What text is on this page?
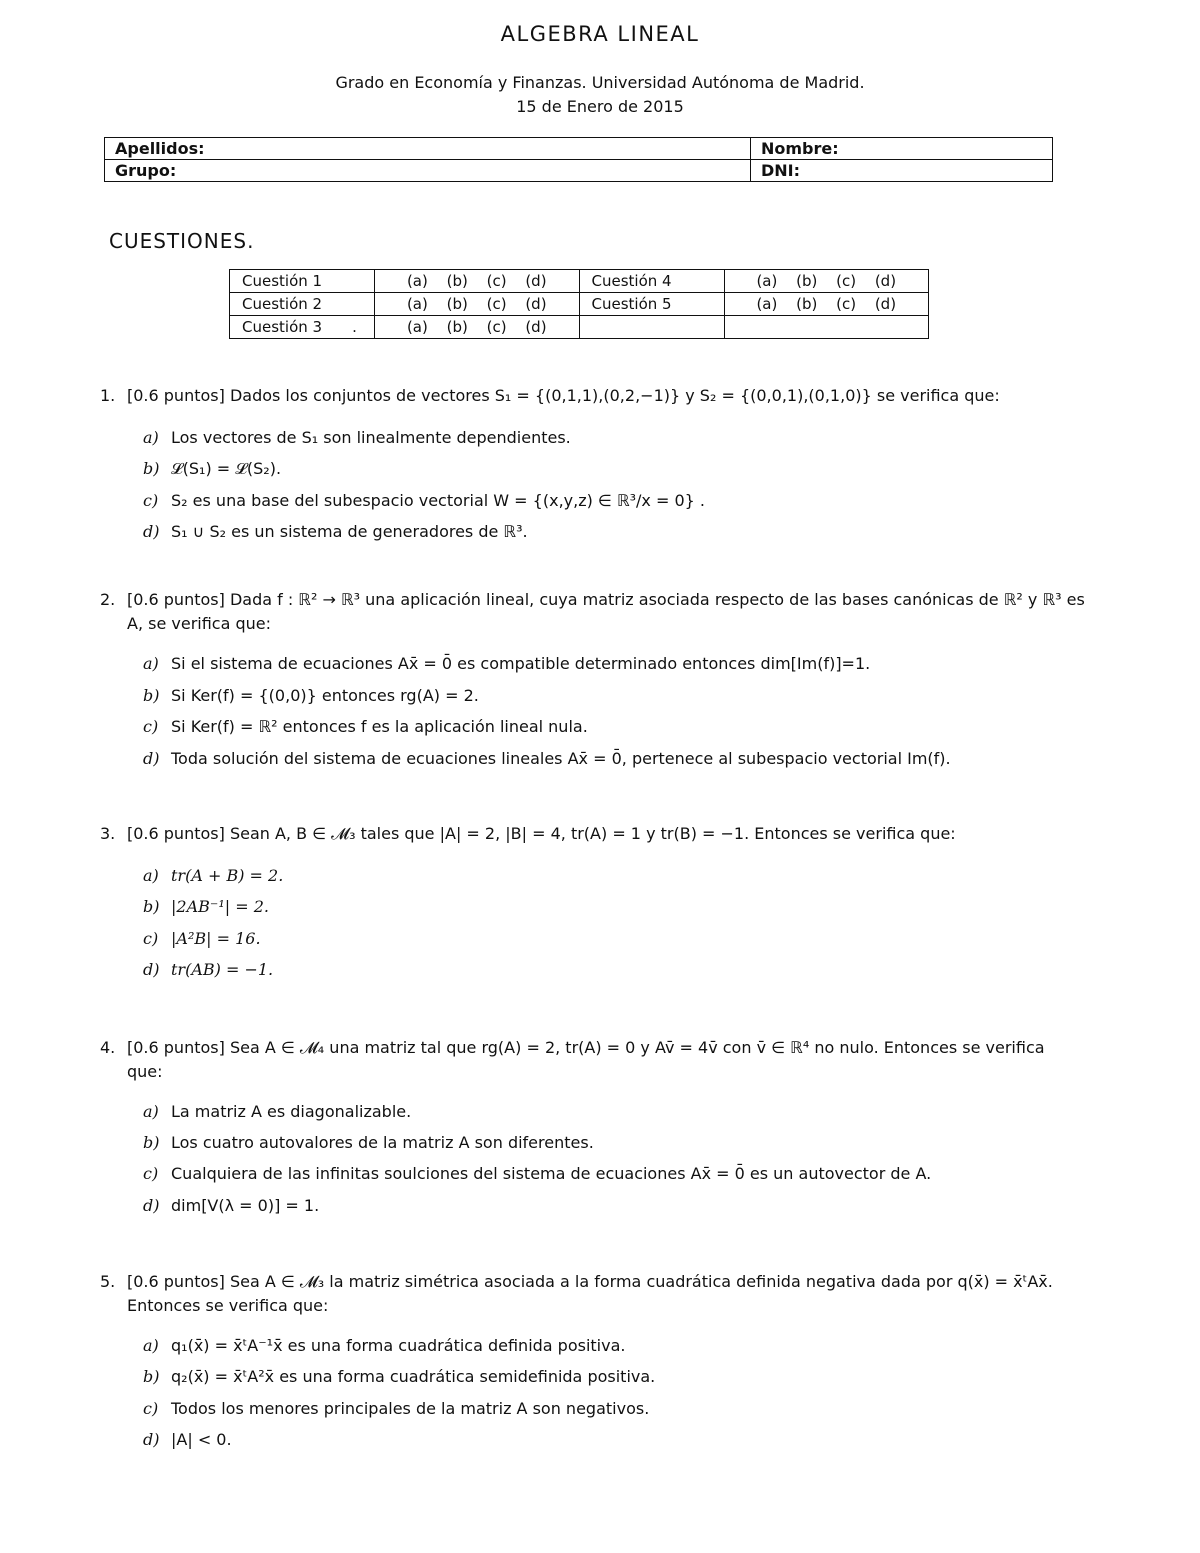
ALGEBRA LINEAL
Grado en Economía y Finanzas. Universidad Autónoma de Madrid.
15 de Enero de 2015
Apellidos:	Nombre:
Grupo:	DNI:
CUESTIONES.
Cuestión 1	(a) (b) (c) (d)	Cuestión 4	(a) (b) (c) (d)
Cuestión 2	(a) (b) (c) (d)	Cuestión 5	(a) (b) (c) (d)
Cuestión 3 .	(a) (b) (c) (d)		
1. [0.6 puntos] Dados los conjuntos de vectores S₁ = {(0,1,1),(0,2,−1)} y S₂ = {(0,0,1),(0,1,0)} se verifica que:
a) Los vectores de S₁ son linealmente dependientes.
b) 𝓛(S₁) = 𝓛(S₂).
c) S₂ es una base del subespacio vectorial W = {(x,y,z) ∈ ℝ³/x = 0} .
d) S₁ ∪ S₂ es un sistema de generadores de ℝ³.
2. [0.6 puntos] Dada f : ℝ² → ℝ³ una aplicación lineal, cuya matriz asociada respecto de las bases canónicas de ℝ² y ℝ³ es A, se verifica que:
a) Si el sistema de ecuaciones Ax̄ = 0̄ es compatible determinado entonces dim[Im(f)]=1.
b) Si Ker(f) = {(0,0)} entonces rg(A) = 2.
c) Si Ker(f) = ℝ² entonces f es la aplicación lineal nula.
d) Toda solución del sistema de ecuaciones lineales Ax̄ = 0̄, pertenece al subespacio vectorial Im(f).
3. [0.6 puntos] Sean A, B ∈ 𝓜₃ tales que |A| = 2, |B| = 4, tr(A) = 1 y tr(B) = −1. Entonces se verifica que:
a) tr(A + B) = 2.
b) |2AB⁻¹| = 2.
c) |A²B| = 16.
d) tr(AB) = −1.
4. [0.6 puntos] Sea A ∈ 𝓜₄ una matriz tal que rg(A) = 2, tr(A) = 0 y Av̄ = 4v̄ con v̄ ∈ ℝ⁴ no nulo. Entonces se verifica que:
a) La matriz A es diagonalizable.
b) Los cuatro autovalores de la matriz A son diferentes.
c) Cualquiera de las infinitas soulciones del sistema de ecuaciones Ax̄ = 0̄ es un autovector de A.
d) dim[V(λ = 0)] = 1.
5. [0.6 puntos] Sea A ∈ 𝓜₃ la matriz simétrica asociada a la forma cuadrática definida negativa dada por q(x̄) = x̄ᵗAx̄. Entonces se verifica que:
a) q₁(x̄) = x̄ᵗA⁻¹x̄ es una forma cuadrática definida positiva.
b) q₂(x̄) = x̄ᵗA²x̄ es una forma cuadrática semidefinida positiva.
c) Todos los menores principales de la matriz A son negativos.
d) |A| < 0.
